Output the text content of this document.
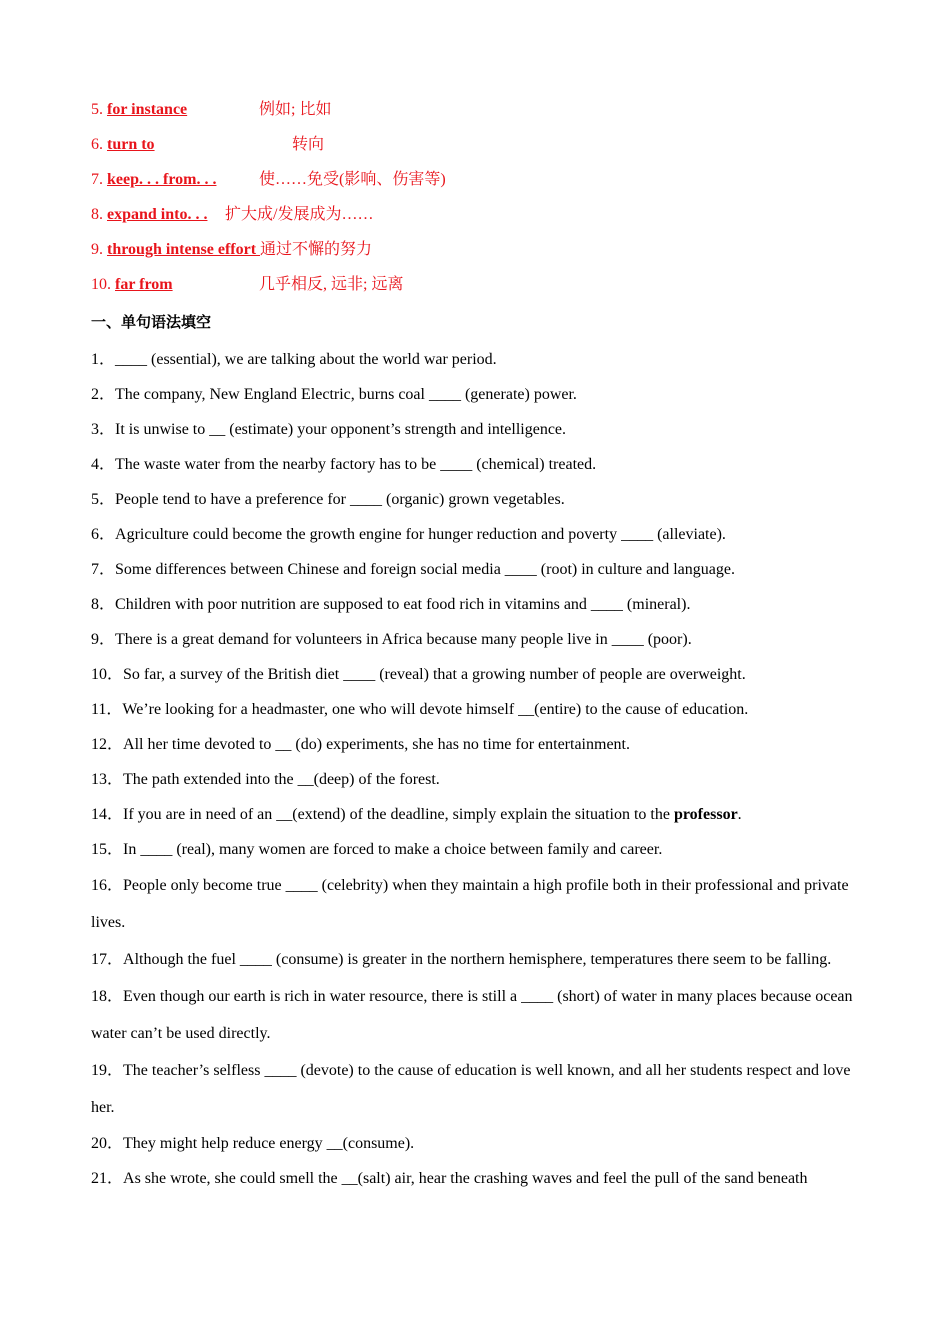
5. for instance	例如; 比如
6. turn to	转向
7. keep. . . from. . .	使……免受(影响、伤害等)
8. expand into. . . 扩大成/发展成为……
9. through intense effort 通过不懈的努力
10. far from	几乎相反, 远非; 远离
一、单句语法填空

1．____ (essential), we are talking about the world war period.

2．The company, New England Electric, burns coal ____ (generate) power.

3．It is unwise to __ (estimate) your opponent’s strength and intelligence.

4．The waste water from the nearby factory has to be ____ (chemical) treated.

5．People tend to have a preference for ____ (organic) grown vegetables.

6．Agriculture could become the growth engine for hunger reduction and poverty ____ (alleviate).

7．Some differences between Chinese and foreign social media ____ (root) in culture and language.

8．Children with poor nutrition are supposed to eat food rich in vitamins and ____ (mineral).

9．There is a great demand for volunteers in Africa because many people live in ____ (poor).

10．So far, a survey of the British diet ____ (reveal) that a growing number of people are overweight.

11．We’re looking for a headmaster, one who will devote himself __(entire) to the cause of education.

12．All her time devoted to __ (do) experiments, she has no time for entertainment.

13．The path extended into the __(deep) of the forest.

14．If you are in need of an __(extend) of the deadline, simply explain the situation to the professor.

15．In ____ (real), many women are forced to make a choice between family and career.

16．People only become true ____ (celebrity) when they maintain a high profile both in their professional and private lives.

17．Although the fuel ____ (consume) is greater in the northern hemisphere, temperatures there seem to be falling.

18．Even though our earth is rich in water resource, there is still a ____ (short) of water in many places because ocean water can’t be used directly.

19．The teacher’s selfless ____ (devote) to the cause of education is well known, and all her students respect and love her.

20．They might help reduce energy __(consume).

21．As she wrote, she could smell the __(salt) air, hear the crashing waves and feel the pull of the sand beneath
